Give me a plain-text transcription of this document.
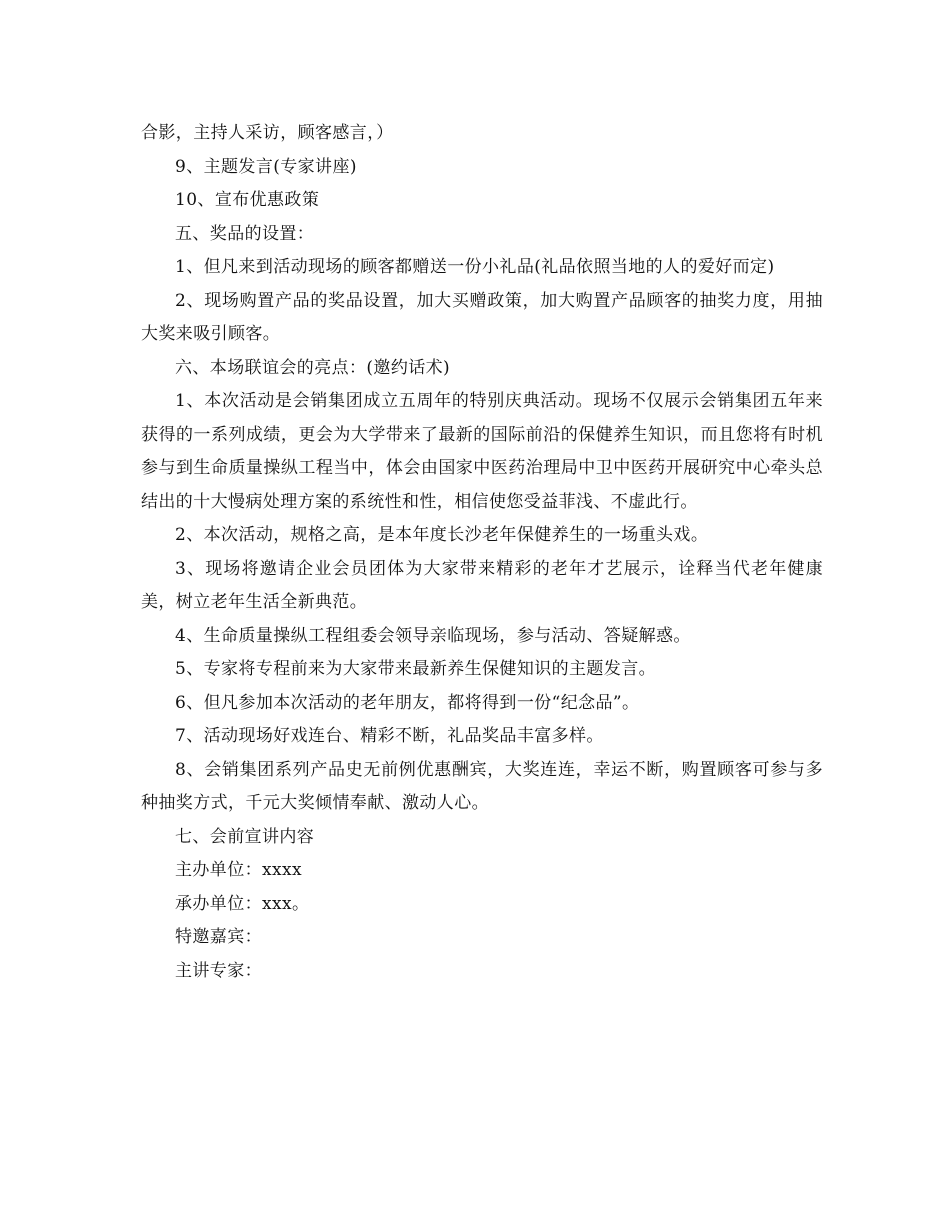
合影，主持人采访，顾客感言，）

9、主题发言(专家讲座)

10、宣布优惠政策

五、奖品的设置：

1、但凡来到活动现场的顾客都赠送一份小礼品(礼品依照当地的人的爱好而定)

2、现场购置产品的奖品设置，加大买赠政策，加大购置产品顾客的抽奖力度，用抽大奖来吸引顾客。

六、本场联谊会的亮点：(邀约话术)

1、本次活动是会销集团成立五周年的特别庆典活动。现场不仅展示会销集团五年来获得的一系列成绩，更会为大学带来了最新的国际前沿的保健养生知识，而且您将有时机参与到生命质量操纵工程当中，体会由国家中医药治理局中卫中医药开展研究中心牵头总结出的十大慢病处理方案的系统性和性，相信使您受益菲浅、不虚此行。

2、本次活动，规格之高，是本年度长沙老年保健养生的一场重头戏。

3、现场将邀请企业会员团体为大家带来精彩的老年才艺展示，诠释当代老年健康美，树立老年生活全新典范。

4、生命质量操纵工程组委会领导亲临现场，参与活动、答疑解惑。

5、专家将专程前来为大家带来最新养生保健知识的主题发言。

6、但凡参加本次活动的老年朋友，都将得到一份“纪念品”。

7、活动现场好戏连台、精彩不断，礼品奖品丰富多样。

8、会销集团系列产品史无前例优惠酬宾，大奖连连，幸运不断，购置顾客可参与多种抽奖方式，千元大奖倾情奉献、激动人心。

七、会前宣讲内容

主办单位：xxxx

承办单位：xxx。

特邀嘉宾：

主讲专家：
